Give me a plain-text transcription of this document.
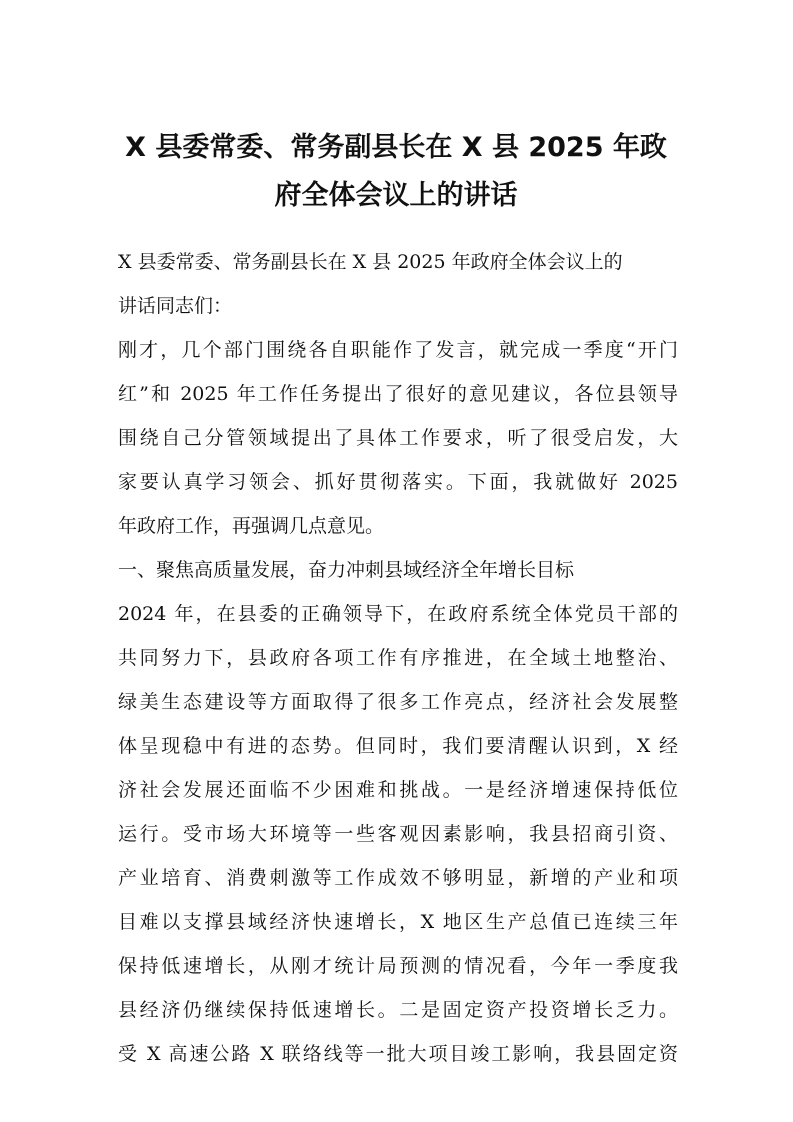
X 县委常委、常务副县长在 X 县 2025 年政
府全体会议上的讲话
X 县委常委、常务副县长在 X 县 2025 年政府全体会议上的
讲话同志们：
刚才，几个部门围绕各自职能作了发言，就完成一季度“开门
红”和 2025 年工作任务提出了很好的意见建议，各位县领导
围绕自己分管领域提出了具体工作要求，听了很受启发，大
家要认真学习领会、抓好贯彻落实。下面，我就做好 2025
年政府工作，再强调几点意见。
一、聚焦高质量发展，奋力冲刺县域经济全年增长目标
2024 年，在县委的正确领导下，在政府系统全体党员干部的
共同努力下，县政府各项工作有序推进，在全域土地整治、
绿美生态建设等方面取得了很多工作亮点，经济社会发展整
体呈现稳中有进的态势。但同时，我们要清醒认识到，X 经
济社会发展还面临不少困难和挑战。一是经济增速保持低位
运行。受市场大环境等一些客观因素影响，我县招商引资、
产业培育、消费刺激等工作成效不够明显，新增的产业和项
目难以支撑县域经济快速增长，X 地区生产总值已连续三年
保持低速增长，从刚才统计局预测的情况看，今年一季度我
县经济仍继续保持低速增长。二是固定资产投资增长乏力。
受 X 高速公路 X 联络线等一批大项目竣工影响，我县固定资
